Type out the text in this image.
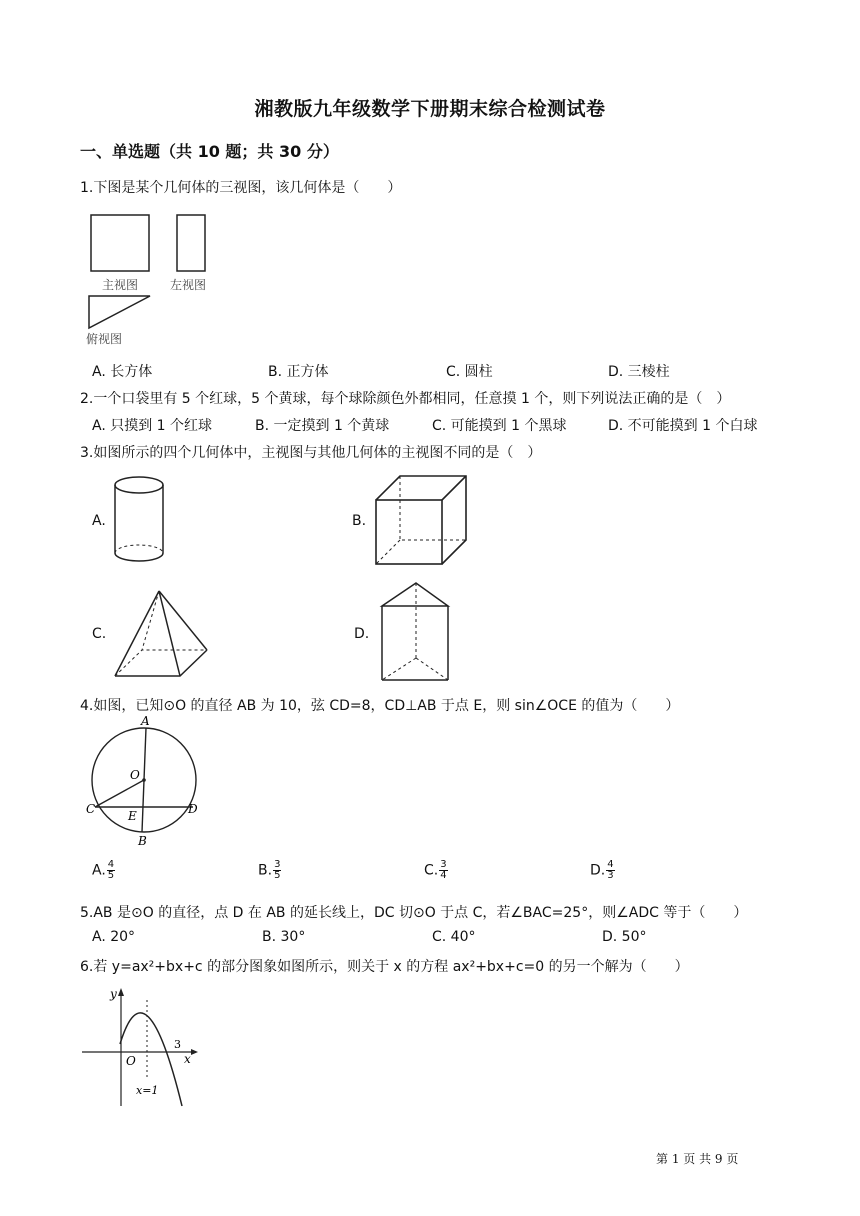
湘教版九年级数学下册期末综合检测试卷
一、单选题（共 10 题；共 30 分）
1.下图是某个几何体的三视图，该几何体是（　　）
主视图	左视图
俯视图
A. 长方体	B. 正方体	C. 圆柱	D. 三棱柱
2.一个口袋里有 5 个红球，5 个黄球，每个球除颜色外都相同，任意摸 1 个，则下列说法正确的是（　）
A. 只摸到 1 个红球	B. 一定摸到 1 个黄球	C. 可能摸到 1 个黑球	D. 不可能摸到 1 个白球
3.如图所示的四个几何体中，主视图与其他几何体的主视图不同的是（　）
A.	B.
C.	D.
4.如图，已知⊙O 的直径 AB 为 10，弦 CD=8，CD⊥AB 于点 E，则 sin∠OCE 的值为（　　）
A
O
C	E	D
B
A. $\frac{4}{5}$	B. $\frac{3}{5}$	C. $\frac{3}{4}$	D. $\frac{4}{3}$
5.AB 是⊙O 的直径，点 D 在 AB 的延长线上，DC 切⊙O 于点 C，若∠BAC=25°，则∠ADC 等于（　　）
A. 20°	B. 30°	C. 40°	D. 50°
6.若 y=ax²+bx+c 的部分图象如图所示，则关于 x 的方程 ax²+bx+c=0 的另一个解为（　　）
y
O
3
x
x=1
第 1 页 共 9 页
